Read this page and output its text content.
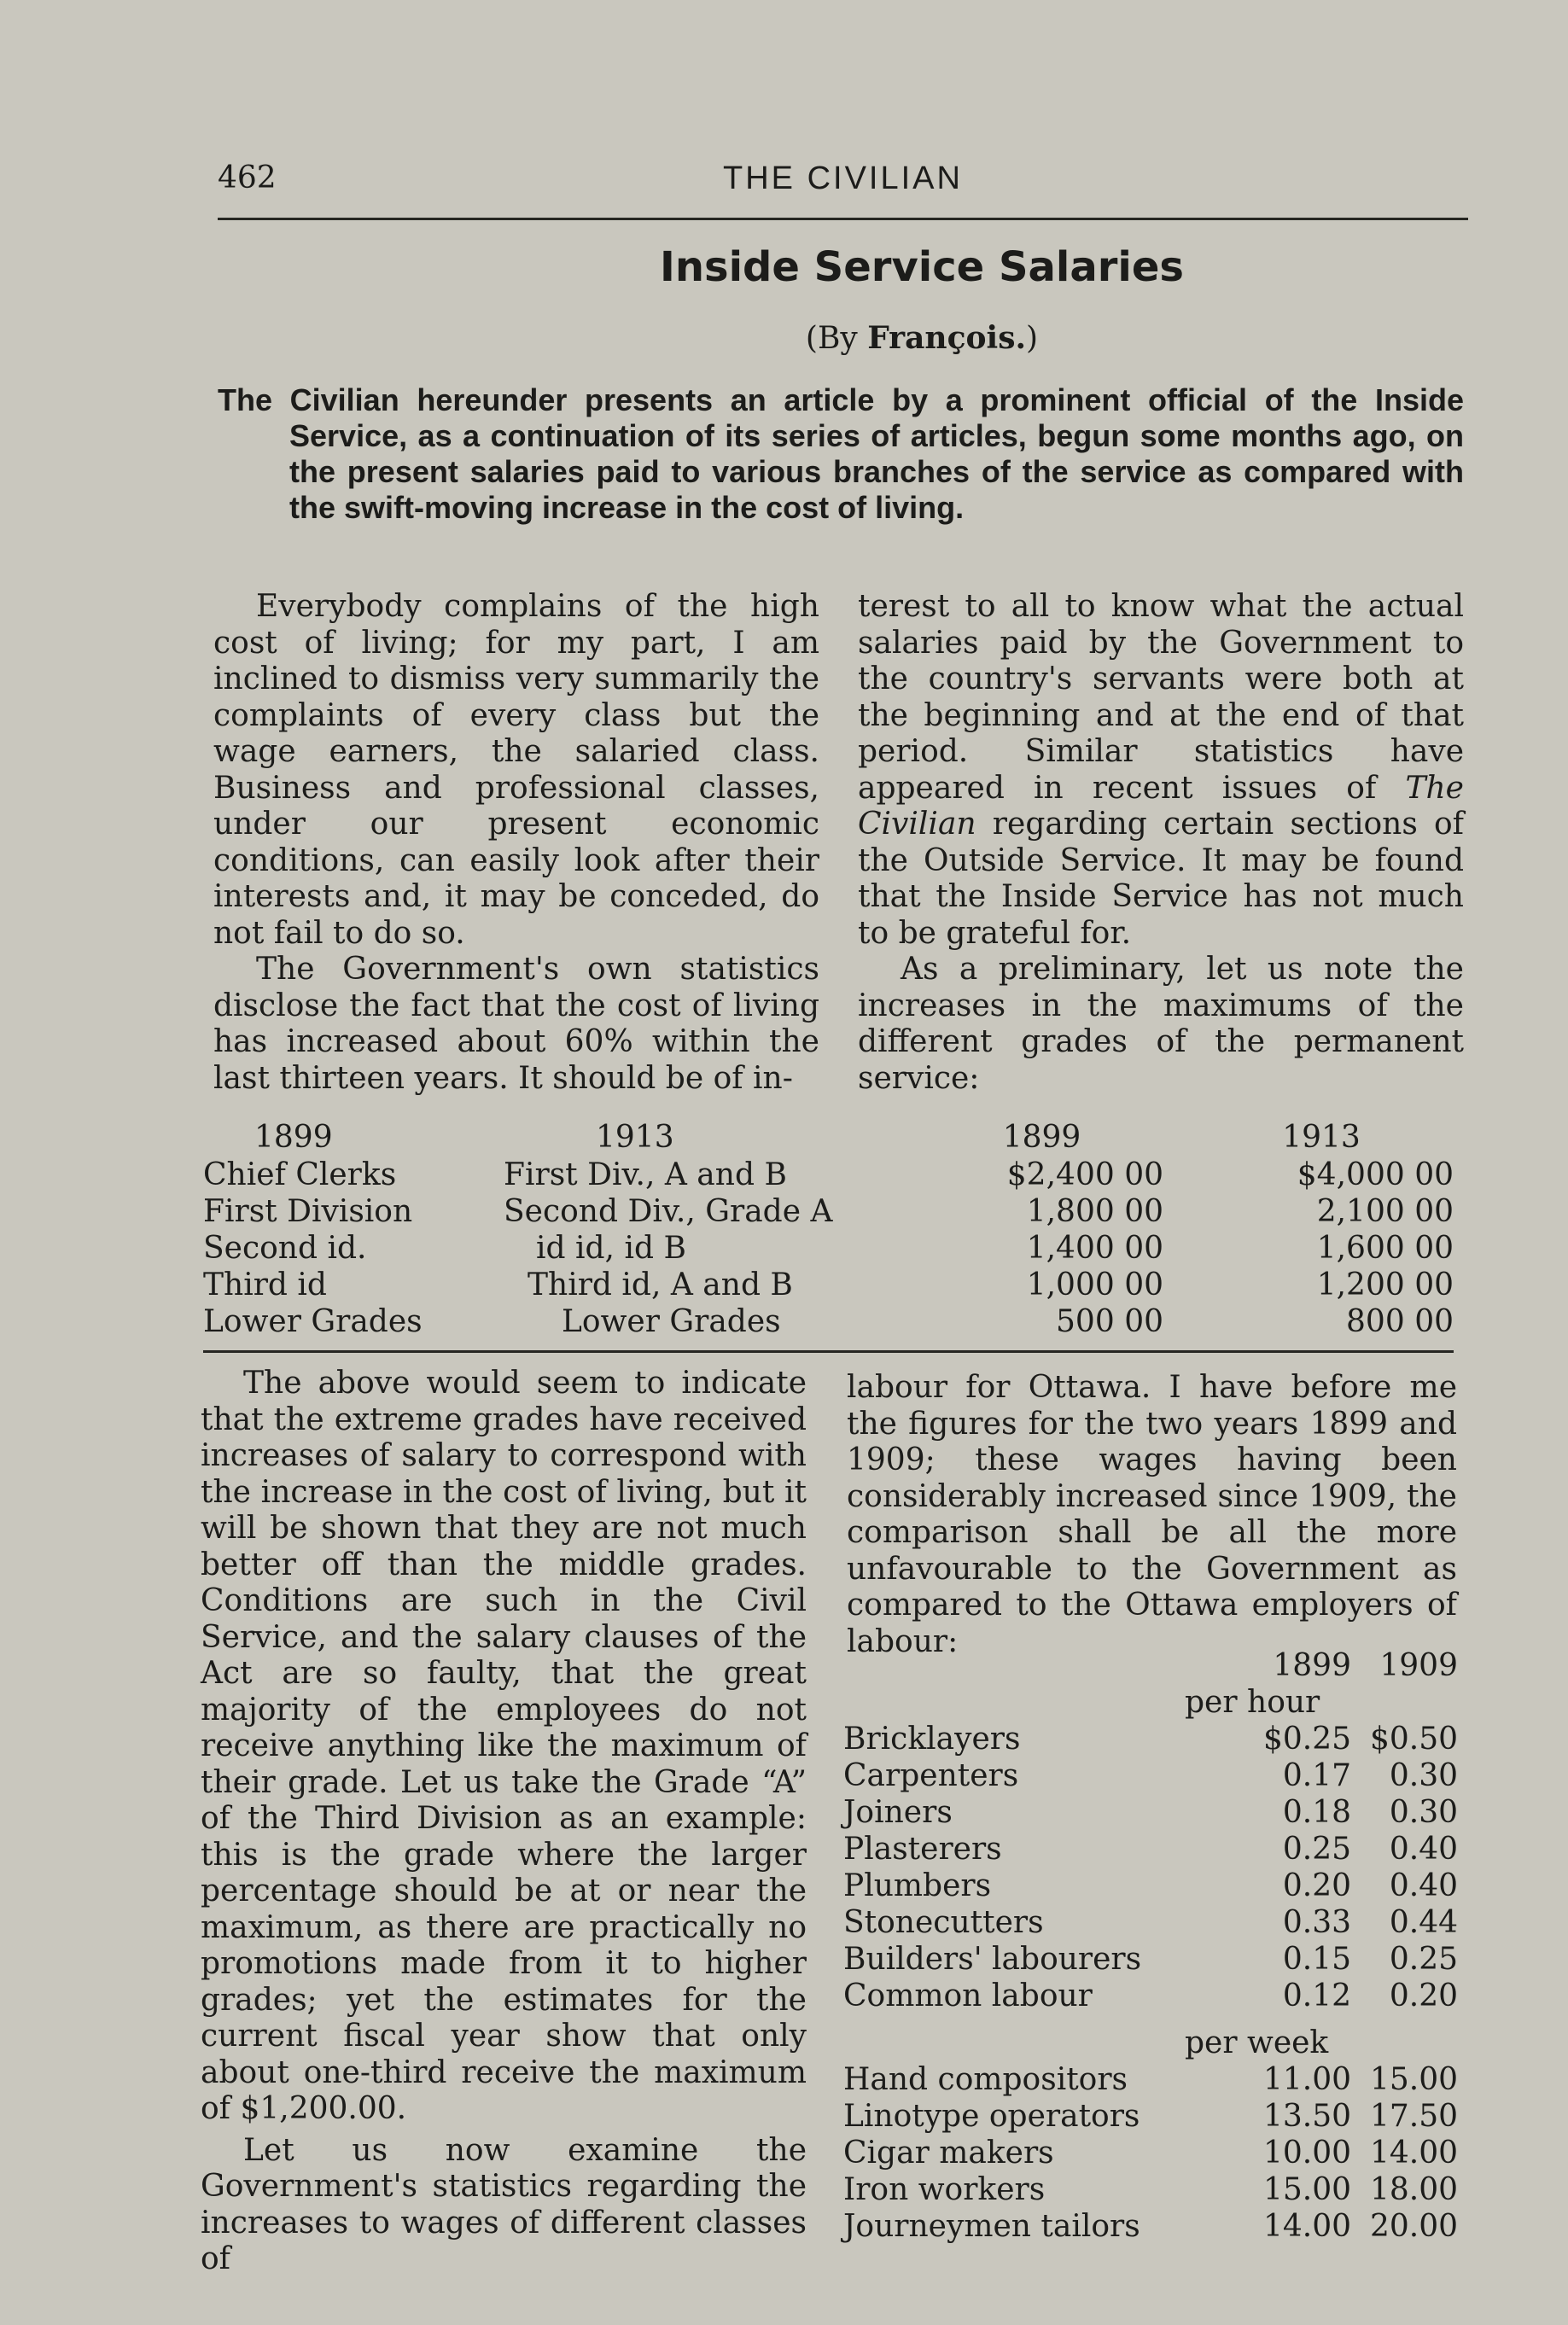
462	THE CIVILIAN
Inside Service Salaries
(By François.)
The Civilian hereunder presents an article by a prominent official of the Inside Service, as a continuation of its series of articles, begun some months ago, on the present salaries paid to various branches of the service as compared with the swift-moving increase in the cost of living.

Everybody complains of the high cost of living; for my part, I am inclined to dismiss very summarily the complaints of every class but the wage earners, the salaried class. Business and professional classes, under our present economic conditions, can easily look after their interests and, it may be conceded, do not fail to do so.

The Government's own statistics disclose the fact that the cost of living has increased about 60% within the last thirteen years. It should be of in-

terest to all to know what the actual salaries paid by the Government to the country's servants were both at the beginning and at the end of that period. Similar statistics have appeared in recent issues of The Civilian regarding certain sections of the Outside Service. It may be found that the Inside Service has not much to be grateful for.

As a preliminary, let us note the increases in the maximums of the different grades of the permanent service:

1899	1913	1899	1913
Chief Clerks	First Div., A and B	$2,400 00	$4,000 00
First Division	Second Div., Grade A	1,800 00	2,100 00
Second id.	id id, id B	1,400 00	1,600 00
Third id	Third id, A and B	1,000 00	1,200 00
Lower Grades	Lower Grades	500 00	800 00

The above would seem to indicate that the extreme grades have received increases of salary to correspond with the increase in the cost of living, but it will be shown that they are not much better off than the middle grades. Conditions are such in the Civil Service, and the salary clauses of the Act are so faulty, that the great majority of the employees do not receive anything like the maximum of their grade. Let us take the Grade “A” of the Third Division as an example: this is the grade where the larger percentage should be at or near the maximum, as there are practically no promotions made from it to higher grades; yet the estimates for the current fiscal year show that only about one-third receive the maximum of $1,200.00.

Let us now examine the Government's statistics regarding the increases to wages of different classes of

labour for Ottawa. I have before me the figures for the two years 1899 and 1909; these wages having been considerably increased since 1909, the comparison shall be all the more unfavourable to the Government as compared to the Ottawa employers of labour:

	1899	1909
per hour		
Bricklayers	$0.25	$0.50
Carpenters	0.17	0.30
Joiners	0.18	0.30
Plasterers	0.25	0.40
Plumbers	0.20	0.40
Stonecutters	0.33	0.44
Builders' labourers	0.15	0.25
Common labour	0.12	0.20
per week		
Hand compositors	11.00	15.00
Linotype operators	13.50	17.50
Cigar makers	10.00	14.00
Iron workers	15.00	18.00
Journeymen tailors	14.00	20.00
